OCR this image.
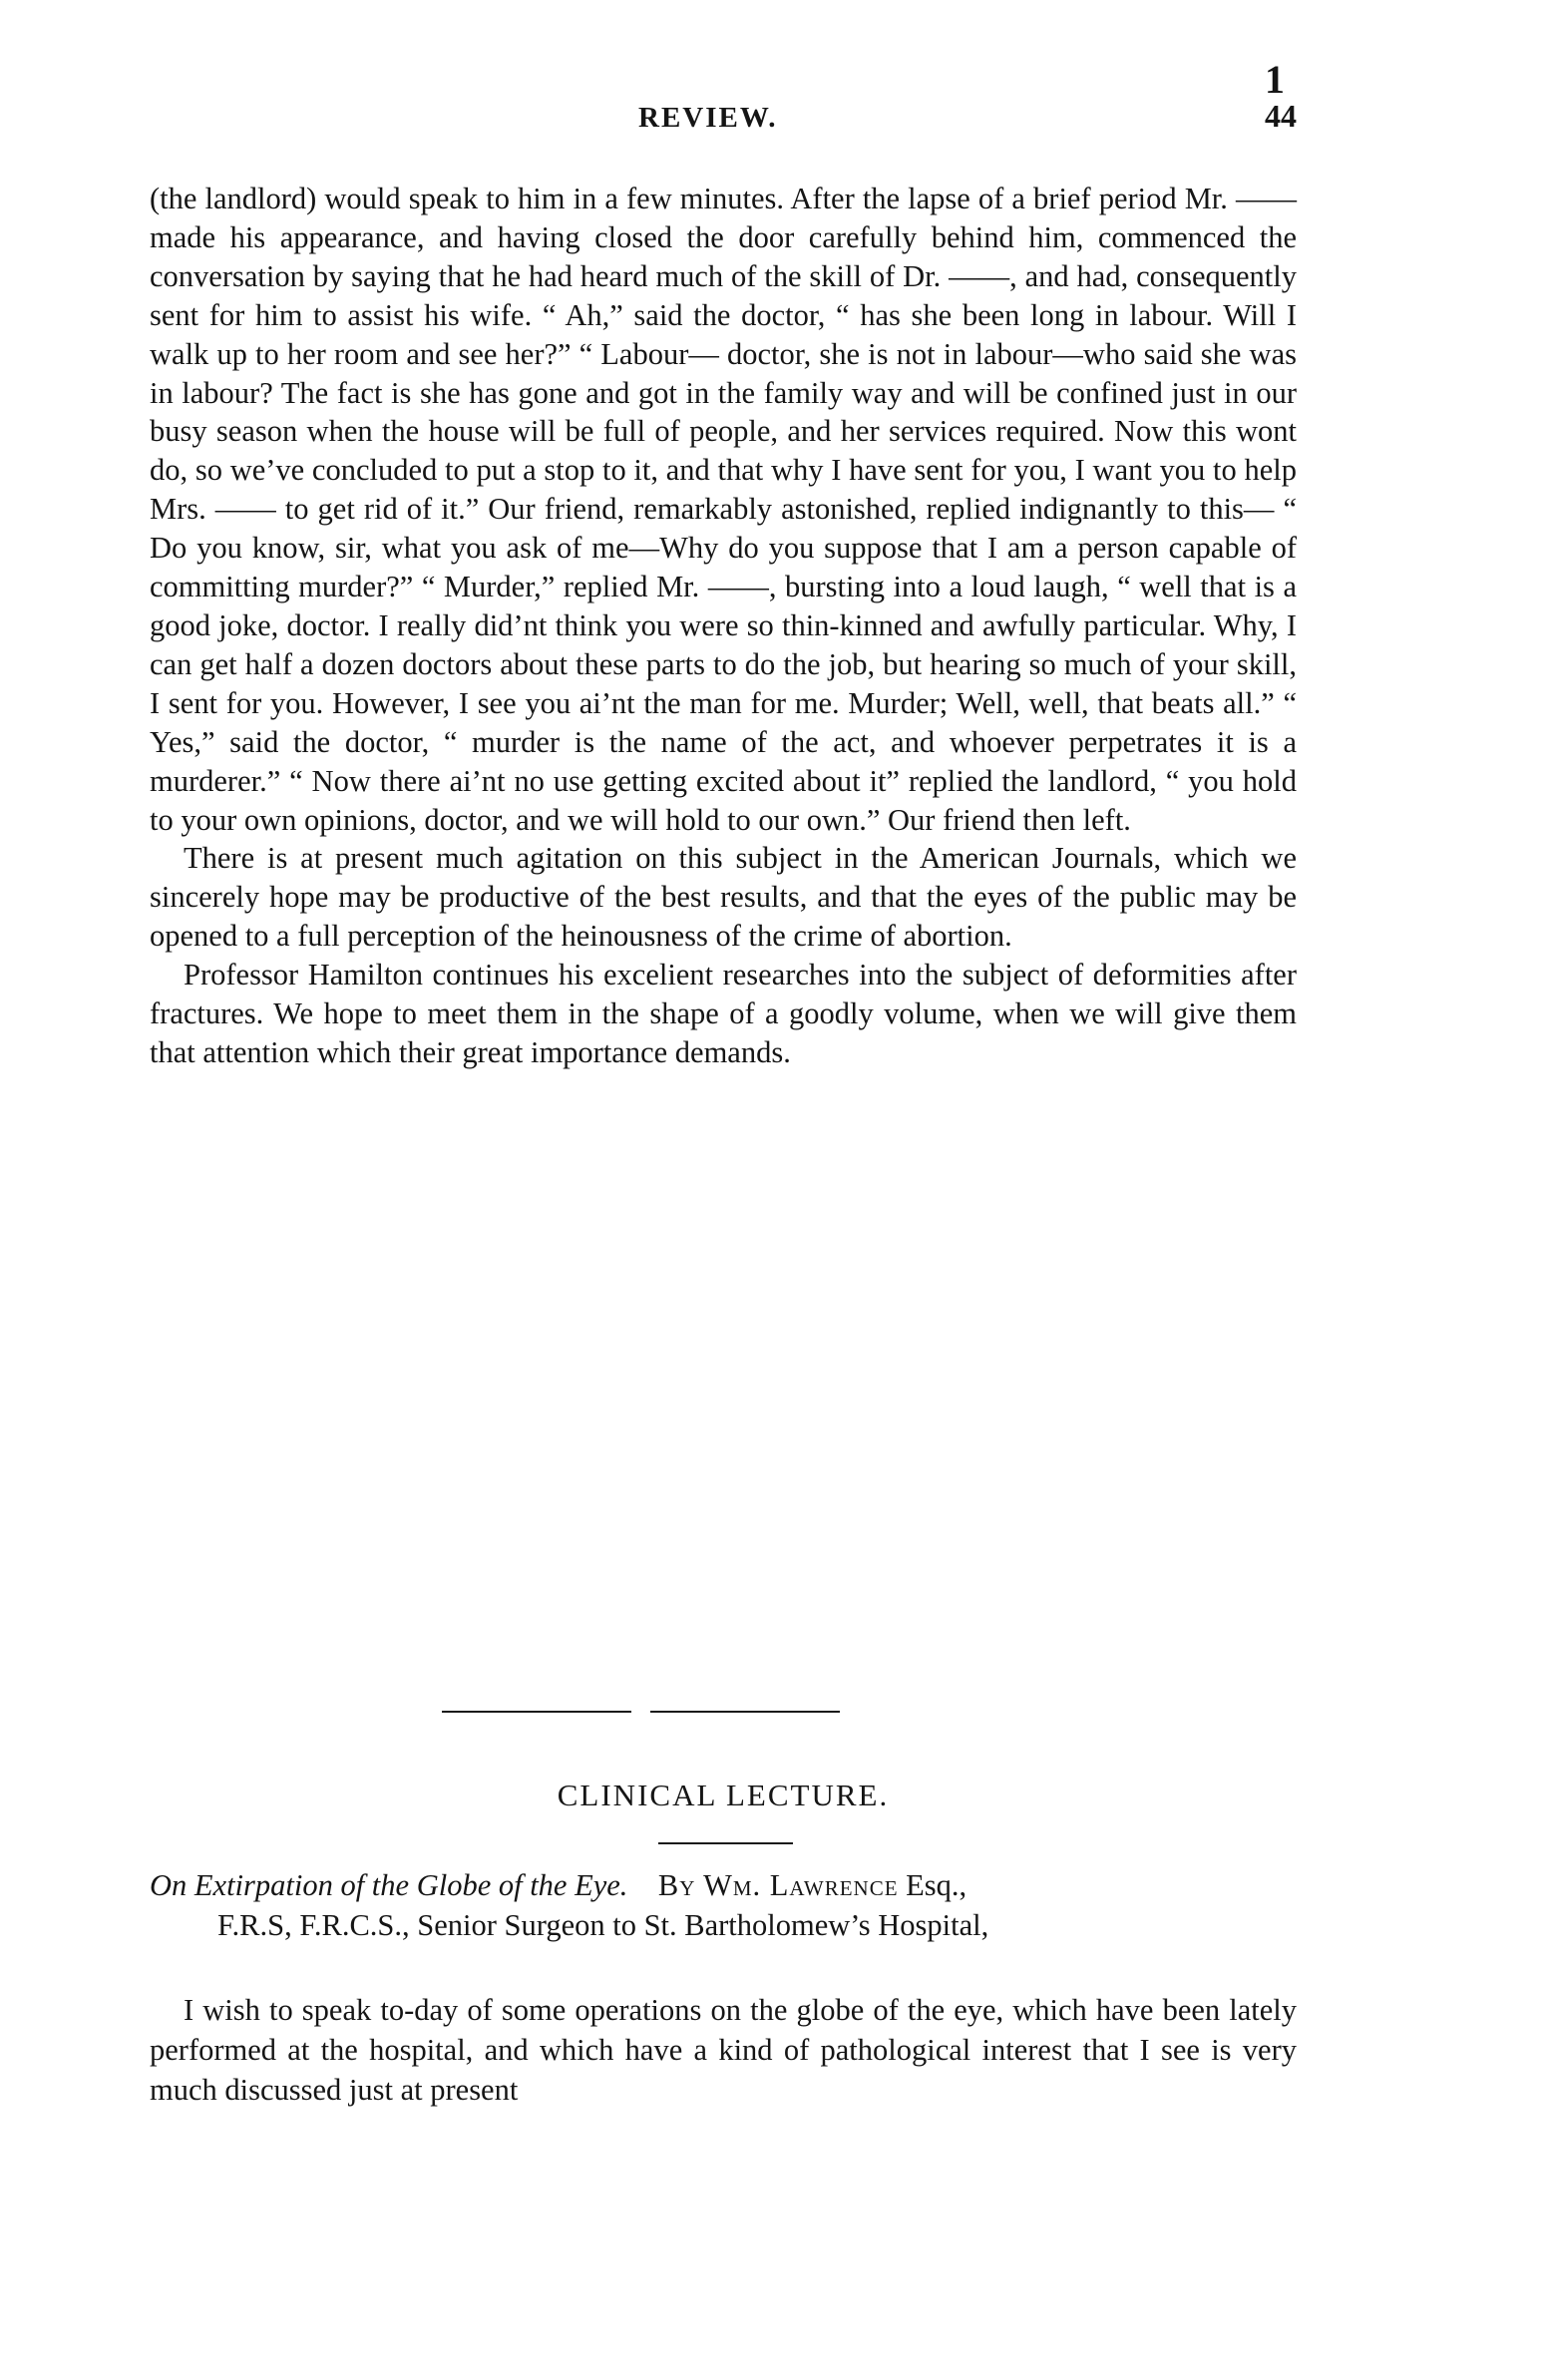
1
REVIEW.	44

(the landlord) would speak to him in a few minutes. After the lapse of a brief period Mr. —— made his appearance, and having closed the door carefully behind him, commenced the conversation by saying that he had heard much of the skill of Dr. ——, and had, consequently sent for him to assist his wife. “ Ah,” said the doctor, “ has she been long in labour. Will I walk up to her room and see her?” “ Labour— doctor, she is not in labour—who said she was in labour? The fact is she has gone and got in the family way and will be confined just in our busy season when the house will be full of people, and her services required. Now this wont do, so we’ve concluded to put a stop to it, and that why I have sent for you, I want you to help Mrs. —— to get rid of it.” Our friend, remarkably astonished, replied indignantly to this— “ Do you know, sir, what you ask of me—Why do you suppose that I am a person capable of committing murder?” “ Murder,” replied Mr. ——, bursting into a loud laugh, “ well that is a good joke, doctor. I really did’nt think you were so thin-kinned and awfully particular. Why, I can get half a dozen doctors about these parts to do the job, but hearing so much of your skill, I sent for you. However, I see you ai’nt the man for me. Murder; Well, well, that beats all.” “ Yes,” said the doctor, “ murder is the name of the act, and whoever perpetrates it is a murderer.” “ Now there ai’nt no use getting excited about it” replied the landlord, “ you hold to your own opinions, doctor, and we will hold to our own.” Our friend then left.

There is at present much agitation on this subject in the American Journals, which we sincerely hope may be productive of the best results, and that the eyes of the public may be opened to a full perception of the heinousness of the crime of abortion.

Professor Hamilton continues his excelient researches into the subject of deformities after fractures. We hope to meet them in the shape of a goodly volume, when we will give them that attention which their great importance demands.

CLINICAL LECTURE.
On Extirpation of the Globe of the Eye. By Wm. Lawrence Esq.,
F.R.S, F.R.C.S., Senior Surgeon to St. Bartholomew’s Hospital,

I wish to speak to-day of some operations on the globe of the eye, which have been lately performed at the hospital, and which have a kind of pathological interest that I see is very much discussed just at present
